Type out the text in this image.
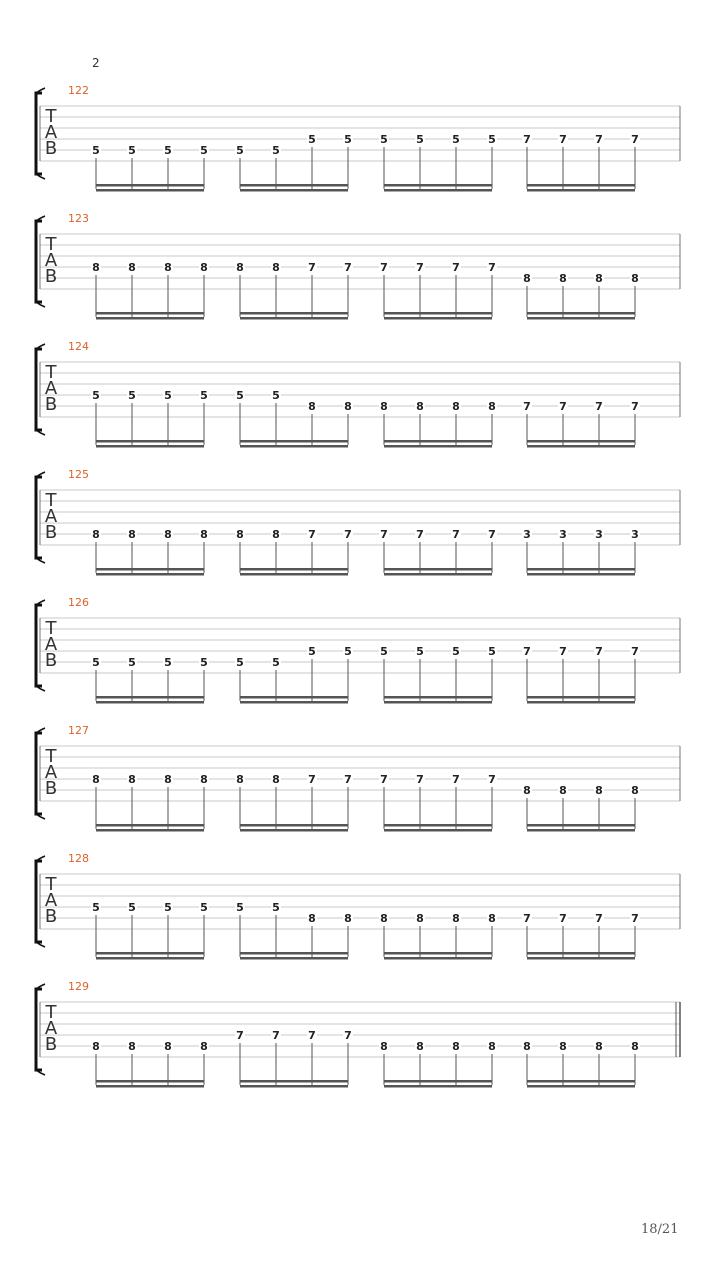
2
122
T
A
B	5	5	5	5	5	5
5	5	5	5	5	5 7	7	7	7
123
T
A
B	8	8	8	8	8	8	7	7	7	7	7	7
8	8	8	8
124
T
A
B	5	5	5	5	5	5
8	8	8	8	8	8 7	7	7	7
125
T
A
B	8	8	8	8	8	8	7	7	7	7	7	7 3	3	3	3
126
T
A
B	5	5	5	5	5	5
5	5	5	5	5	5 7	7	7	7
127
T
A
B	8	8	8	8	8	8	7	7	7	7	7	7
8	8	8	8
128
T
A
B	5	5	5	5	5	5
8	8	8	8	8	8 7	7	7	7
129
T
A
B	8	8	8	8
7	7	7	7
8	8	8	8 8	8	8	8
18/21
